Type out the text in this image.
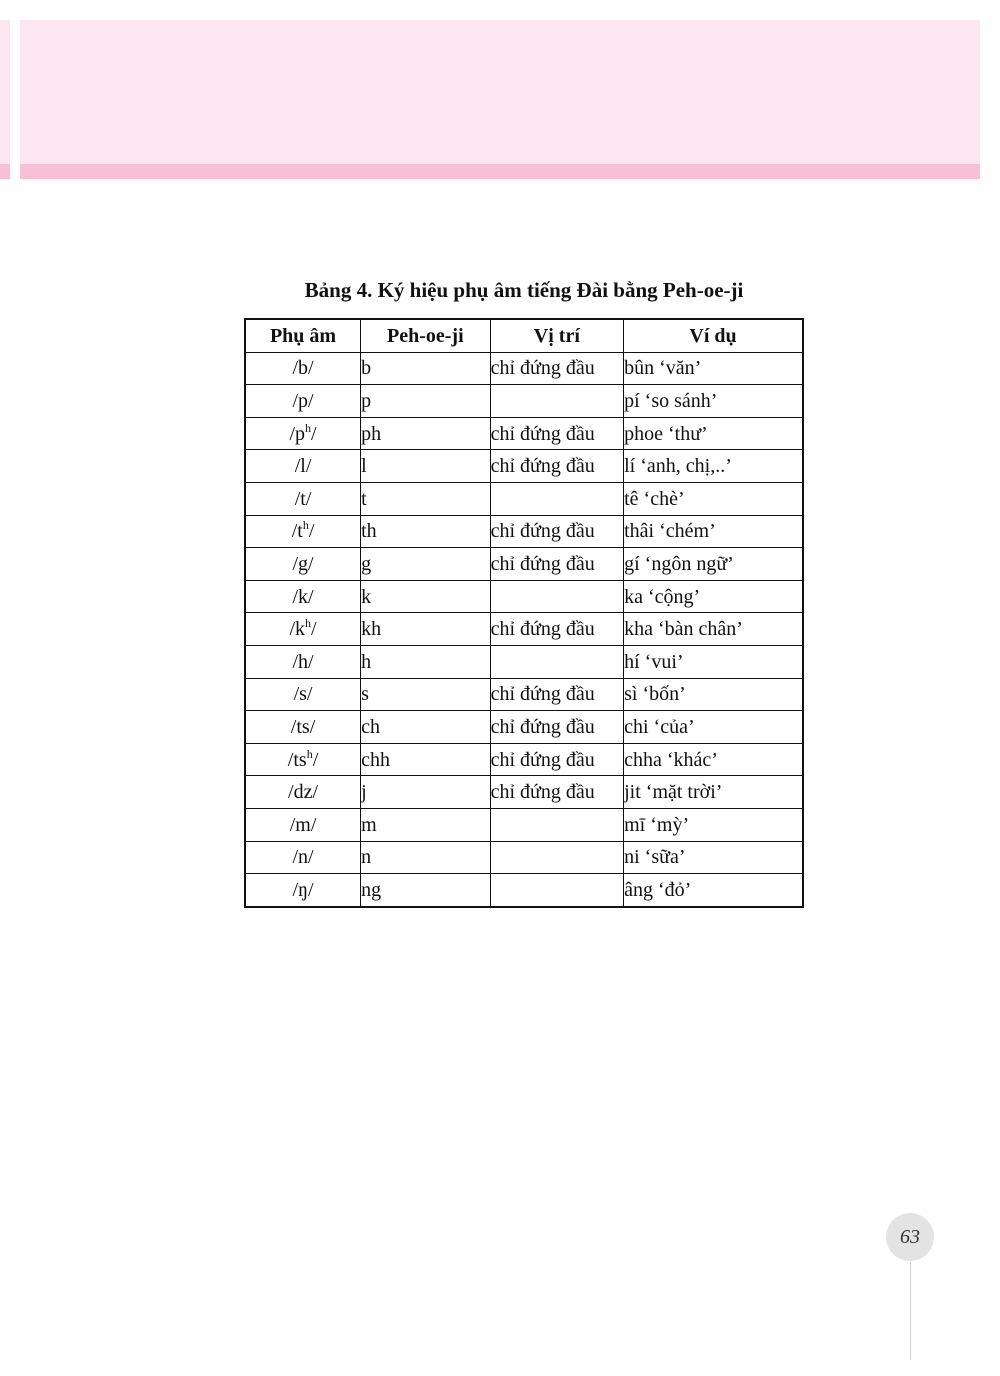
Bảng 4. Ký hiệu phụ âm tiếng Đài bằng Peh-oe-ji
Phụ âm	Peh-oe-ji	Vị trí	Ví dụ
/b/	b	chỉ đứng đầu	bûn ‘văn’
/p/	p		pí ‘so sánh’
$/p^h/$	ph	chỉ đứng đầu	phoe ‘thư’
/l/	l	chỉ đứng đầu	lí ‘anh, chị,..’
/t/	t		tê ‘chè’
$/t^h/$	th	chỉ đứng đầu	thâi ‘chém’
/g/	g	chỉ đứng đầu	gí ‘ngôn ngữ’
/k/	k		ka ‘cộng’
$/k^h/$	kh	chỉ đứng đầu	kha ‘bàn chân’
/h/	h		hí ‘vui’
/s/	s	chỉ đứng đầu	sì ‘bốn’
/ts/	ch	chỉ đứng đầu	chi ‘của’
$/ts^h/$	chh	chỉ đứng đầu	chha ‘khác’
/dz/	j	chỉ đứng đầu	jit ‘mặt trời’
/m/	m		mī ‘mỳ’
/n/	n		ni ‘sữa’
/ŋ/	ng		âng ‘đỏ’
63
